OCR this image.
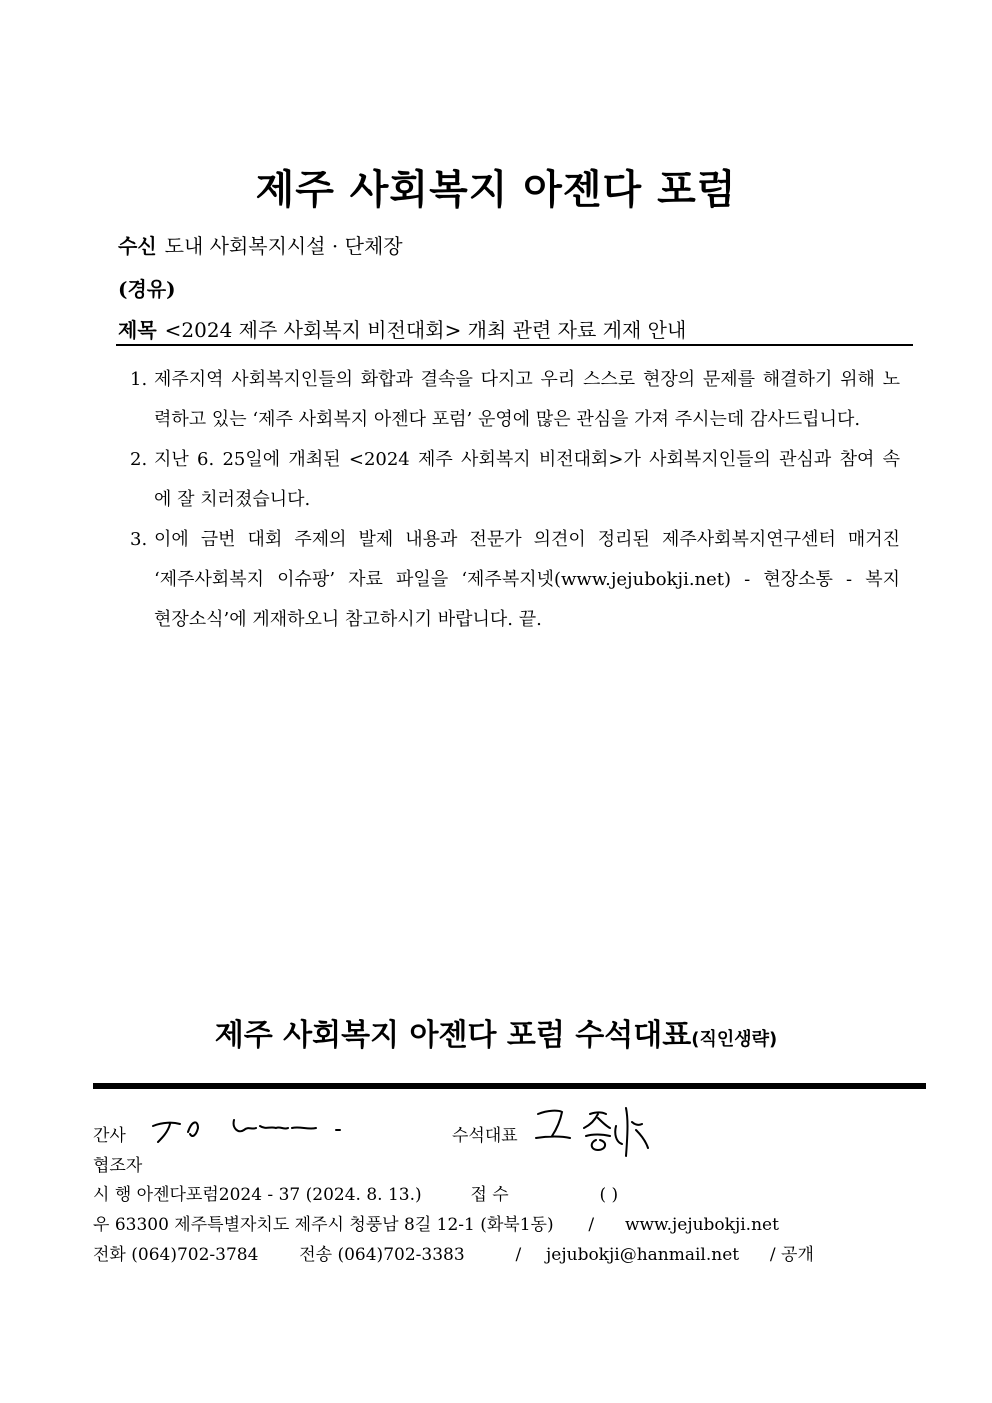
제주 사회복지 아젠다 포럼
수신 도내 사회복지시설 · 단체장
(경유)
제목 <2024 제주 사회복지 비전대회> 개최 관련 자료 게재 안내
1. 제주지역 사회복지인들의 화합과 결속을 다지고 우리 스스로 현장의 문제를 해결하기 위해 노
력하고 있는 ‘제주 사회복지 아젠다 포럼’ 운영에 많은 관심을 가져 주시는데 감사드립니다.
2. 지난 6. 25일에 개최된 <2024 제주 사회복지 비전대회>가 사회복지인들의 관심과 참여 속
에 잘 치러졌습니다.
3. 이에 금번 대회 주제의 발제 내용과 전문가 의견이 정리된 제주사회복지연구센터 매거진
‘제주사회복지 이슈팡’ 자료 파일을 ‘제주복지넷(www.jejubokji.net) - 현장소통 - 복지
현장소식’에 게재하오니 참고하시기 바랍니다. 끝.
제주 사회복지 아젠다 포럼 수석대표(직인생략)
간사	수석대표
협조자
시 행 아젠다포럼2024 - 37 (2024. 8. 13.)	접 수	( )
우 63300 제주특별자치도 제주시 청풍남 8길 12-1 (화북1동) / www.jejubokji.net
전화 (064)702-3784 전송 (064)702-3383	/ jejubokji@hanmail.net / 공개
